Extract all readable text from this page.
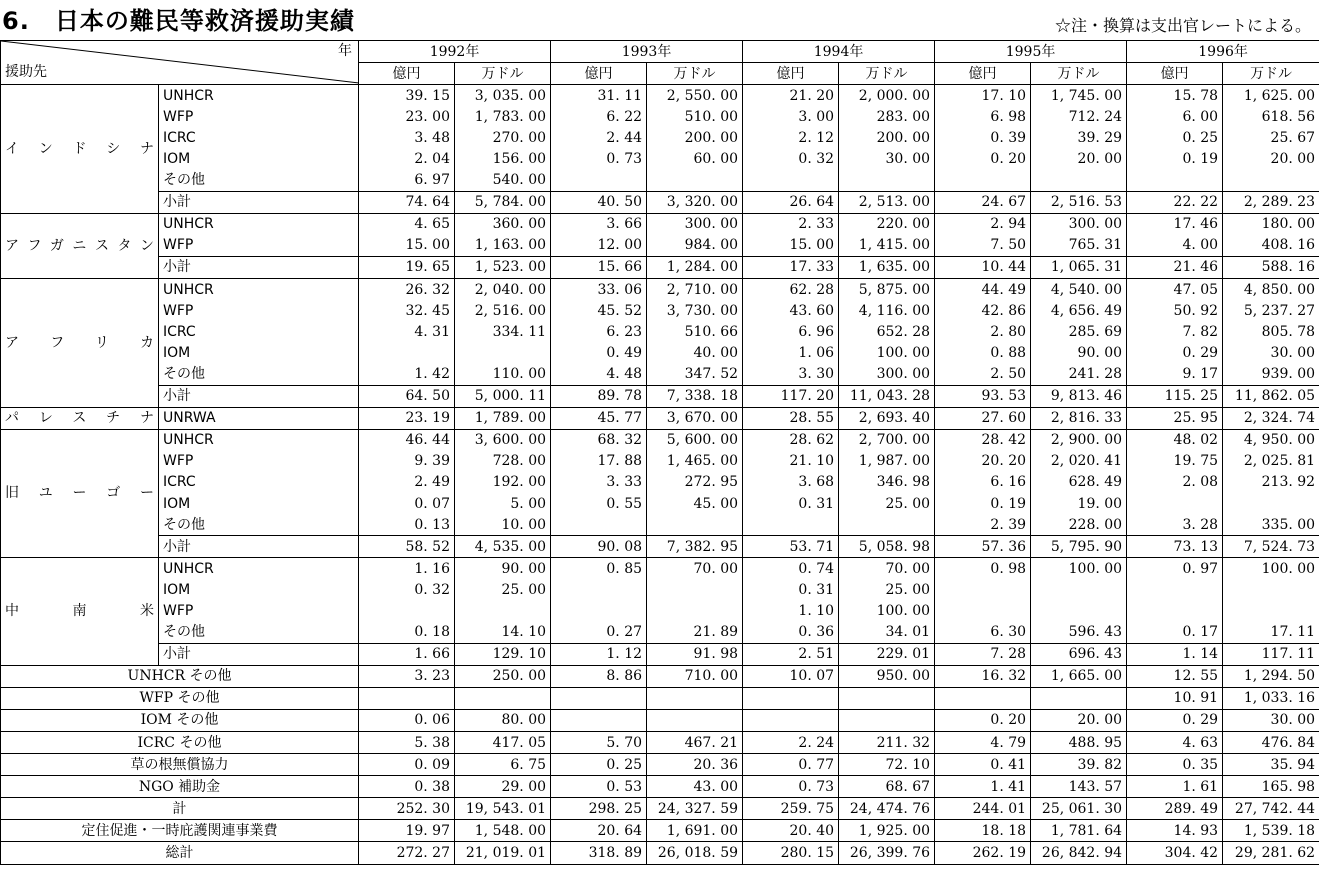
6.　日本の難民等救済援助実績	☆注・換算は支出官レートによる。
年
援助先		1992年		1993年		1994年		1995年		1996年	
		億円	万ドル	億円	万ドル	億円	万ドル	億円	万ドル	億円	万ドル
インドシナ	UNHCR	39. 15	3, 035. 00	31. 11	2, 550. 00	21. 20	2, 000. 00	17. 10	1, 745. 00	15. 78	1, 625. 00
	WFP	23. 00	1, 783. 00	6. 22	510. 00	3. 00	283. 00	6. 98	712. 24	6. 00	618. 56
	ICRC	3. 48	270. 00	2. 44	200. 00	2. 12	200. 00	0. 39	39. 29	0. 25	25. 67
	IOM	2. 04	156. 00	0. 73	60. 00	0. 32	30. 00	0. 20	20. 00	0. 19	20. 00
	その他	6. 97	540. 00								
	小計	74. 64	5, 784. 00	40. 50	3, 320. 00	26. 64	2, 513. 00	24. 67	2, 516. 53	22. 22	2, 289. 23
アフガニスタン	UNHCR	4. 65	360. 00	3. 66	300. 00	2. 33	220. 00	2. 94	300. 00	17. 46	180. 00
	WFP	15. 00	1, 163. 00	12. 00	984. 00	15. 00	1, 415. 00	7. 50	765. 31	4. 00	408. 16
	小計	19. 65	1, 523. 00	15. 66	1, 284. 00	17. 33	1, 635. 00	10. 44	1, 065. 31	21. 46	588. 16
アフリカ	UNHCR	26. 32	2, 040. 00	33. 06	2, 710. 00	62. 28	5, 875. 00	44. 49	4, 540. 00	47. 05	4, 850. 00
	WFP	32. 45	2, 516. 00	45. 52	3, 730. 00	43. 60	4, 116. 00	42. 86	4, 656. 49	50. 92	5, 237. 27
	ICRC	4. 31	334. 11	6. 23	510. 66	6. 96	652. 28	2. 80	285. 69	7. 82	805. 78
	IOM			0. 49	40. 00	1. 06	100. 00	0. 88	90. 00	0. 29	30. 00
	その他	1. 42	110. 00	4. 48	347. 52	3. 30	300. 00	2. 50	241. 28	9. 17	939. 00
	小計	64. 50	5, 000. 11	89. 78	7, 338. 18	117. 20	11, 043. 28	93. 53	9, 813. 46	115. 25	11, 862. 05
パレスチナ	UNRWA	23. 19	1, 789. 00	45. 77	3, 670. 00	28. 55	2, 693. 40	27. 60	2, 816. 33	25. 95	2, 324. 74
旧ユーゴー	UNHCR	46. 44	3, 600. 00	68. 32	5, 600. 00	28. 62	2, 700. 00	28. 42	2, 900. 00	48. 02	4, 950. 00
	WFP	9. 39	728. 00	17. 88	1, 465. 00	21. 10	1, 987. 00	20. 20	2, 020. 41	19. 75	2, 025. 81
	ICRC	2. 49	192. 00	3. 33	272. 95	3. 68	346. 98	6. 16	628. 49	2. 08	213. 92
	IOM	0. 07	5. 00	0. 55	45. 00	0. 31	25. 00	0. 19	19. 00		
	その他	0. 13	10. 00					2. 39	228. 00	3. 28	335. 00
	小計	58. 52	4, 535. 00	90. 08	7, 382. 95	53. 71	5, 058. 98	57. 36	5, 795. 90	73. 13	7, 524. 73
中南米	UNHCR	1. 16	90. 00	0. 85	70. 00	0. 74	70. 00	0. 98	100. 00	0. 97	100. 00
	IOM	0. 32	25. 00			0. 31	25. 00				
	WFP					1. 10	100. 00				
	その他	0. 18	14. 10	0. 27	21. 89	0. 36	34. 01	6. 30	596. 43	0. 17	17. 11
	小計	1. 66	129. 10	1. 12	91. 98	2. 51	229. 01	7. 28	696. 43	1. 14	117. 11
UNHCR その他		3. 23	250. 00	8. 86	710. 00	10. 07	950. 00	16. 32	1, 665. 00	12. 55	1, 294. 50
WFP その他										10. 91	1, 033. 16
IOM その他		0. 06	80. 00					0. 20	20. 00	0. 29	30. 00
ICRC その他		5. 38	417. 05	5. 70	467. 21	2. 24	211. 32	4. 79	488. 95	4. 63	476. 84
草の根無償協力		0. 09	6. 75	0. 25	20. 36	0. 77	72. 10	0. 41	39. 82	0. 35	35. 94
NGO 補助金		0. 38	29. 00	0. 53	43. 00	0. 73	68. 67	1. 41	143. 57	1. 61	165. 98
計		252. 30	19, 543. 01	298. 25	24, 327. 59	259. 75	24, 474. 76	244. 01	25, 061. 30	289. 49	27, 742. 44
定住促進・一時庇護関連事業費		19. 97	1, 548. 00	20. 64	1, 691. 00	20. 40	1, 925. 00	18. 18	1, 781. 64	14. 93	1, 539. 18
総計		272. 27	21, 019. 01	318. 89	26, 018. 59	280. 15	26, 399. 76	262. 19	26, 842. 94	304. 42	29, 281. 62
